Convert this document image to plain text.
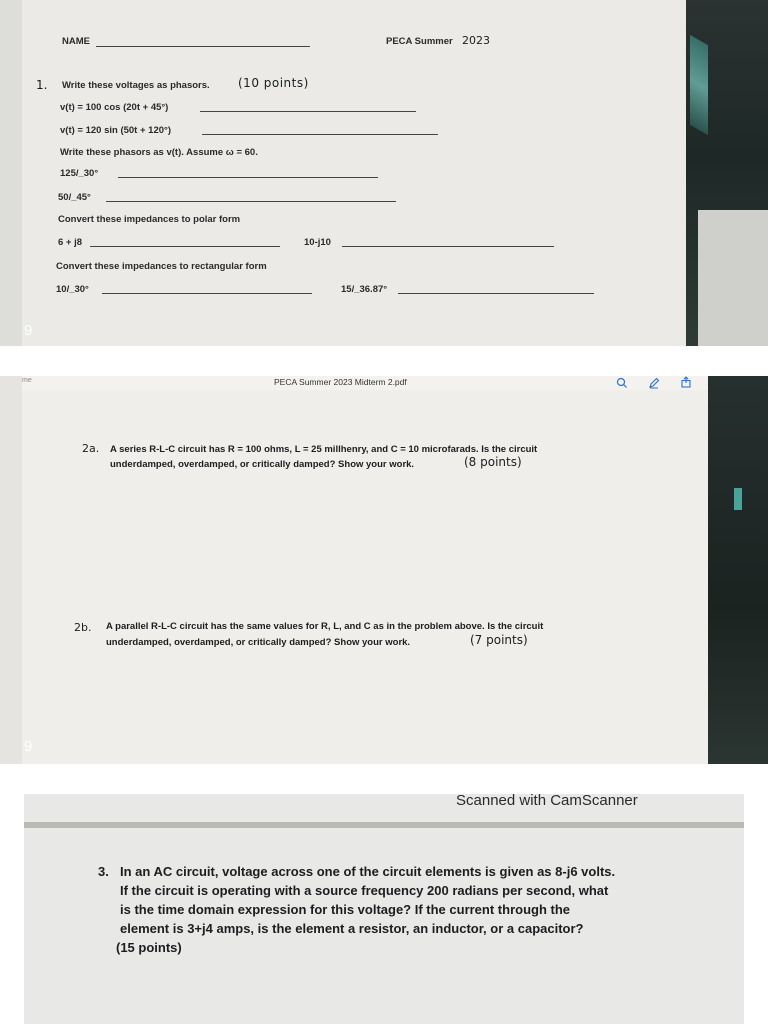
NAME	PECA Summer 2023
1. Write these voltages as phasors. (10 points)
v(t) = 100 cos (20t + 45°)
v(t) = 120 sin (50t + 120°)
Write these phasors as v(t). Assume ω = 60.
125/_30°
50/_45°
Convert these impedances to polar form
6 + j8	10-j10
Convert these impedances to rectangular form
10/_30°	15/_36.87°
9
me	PECA Summer 2023 Midterm 2.pdf
2a. A series R-L-C circuit has R = 100 ohms, L = 25 millhenry, and C = 10 microfarads. Is the circuit
underdamped, overdamped, or critically damped? Show your work.	(8 points)
2b. A parallel R-L-C circuit has the same values for R, L, and C as in the problem above. Is the circuit
underdamped, overdamped, or critically damped? Show your work.	(7 points)
9
Scanned with CamScanner
3. In an AC circuit, voltage across one of the circuit elements is given as 8-j6 volts.
If the circuit is operating with a source frequency 200 radians per second, what
is the time domain expression for this voltage? If the current through the
element is 3+j4 amps, is the element a resistor, an inductor, or a capacitor?
(15 points)
